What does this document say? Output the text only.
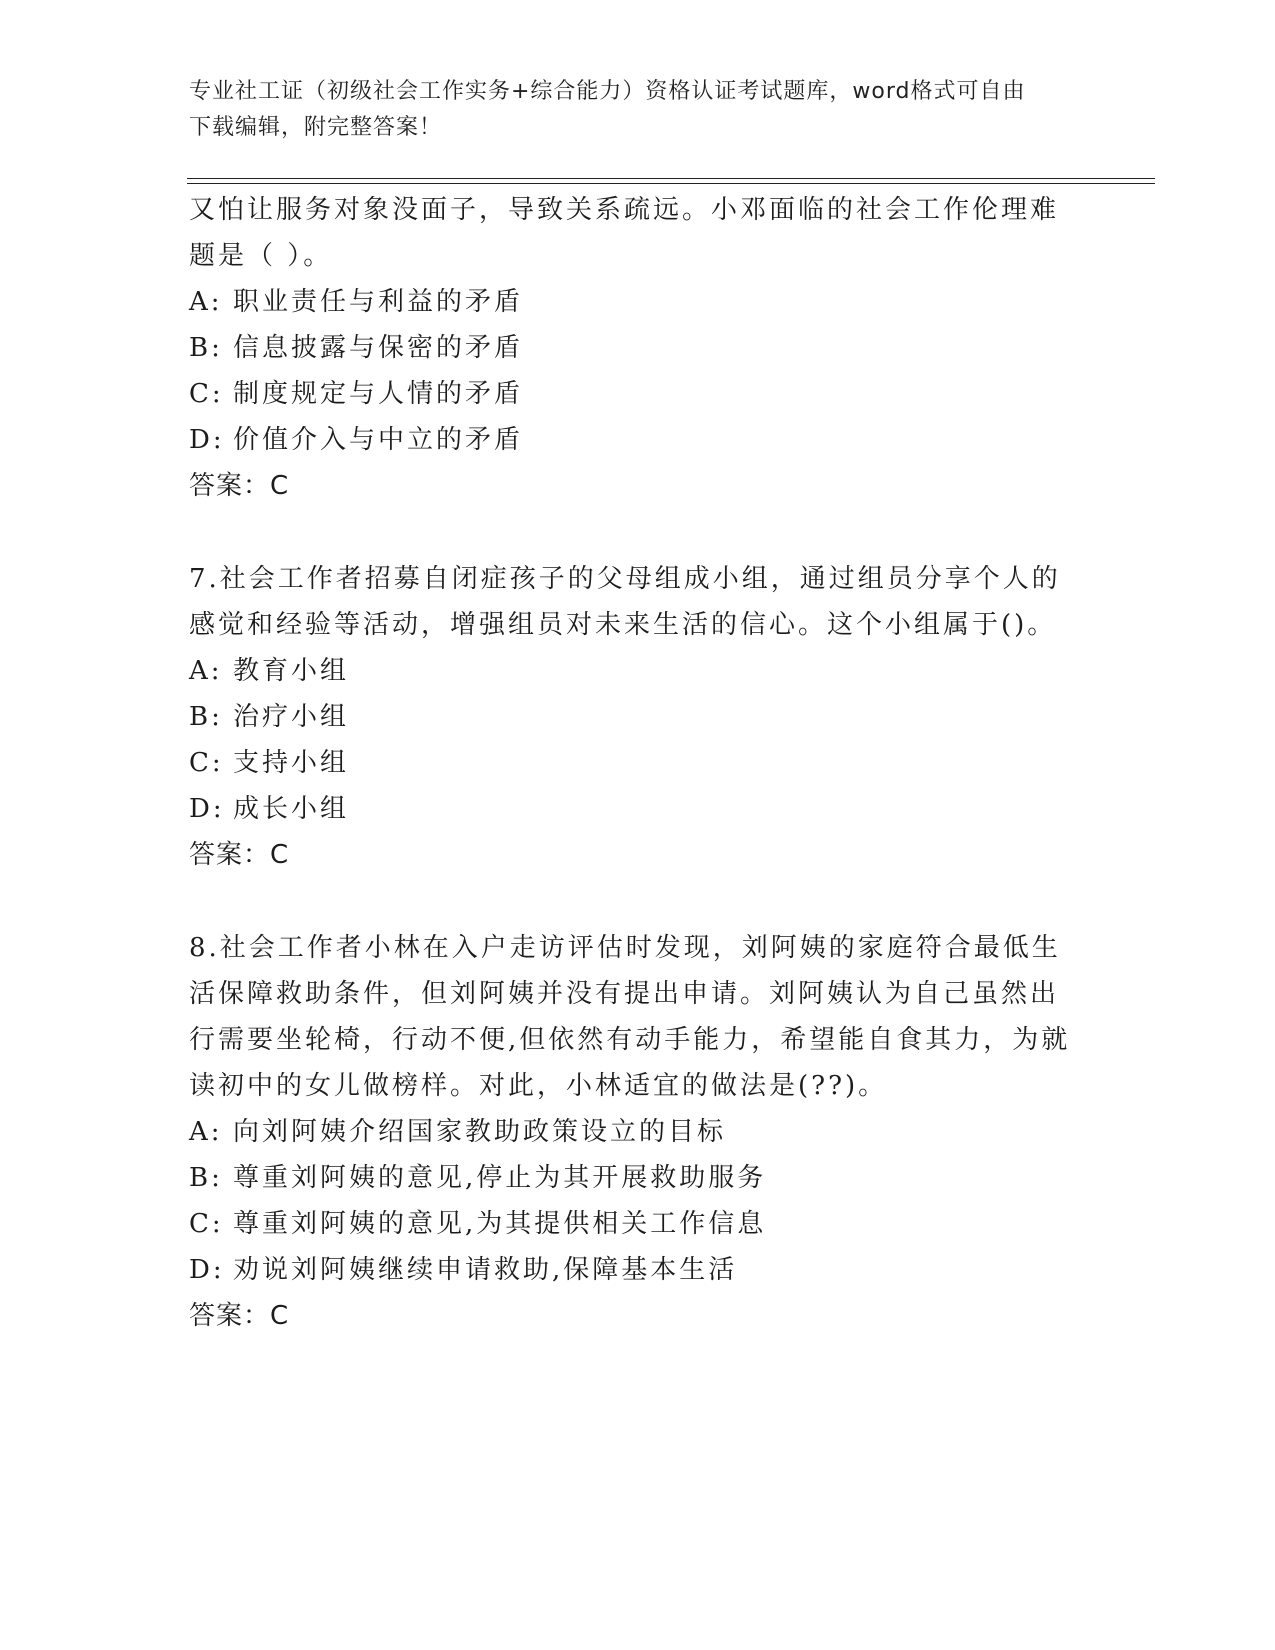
专业社工证（初级社会工作实务+综合能力）资格认证考试题库，word格式可自由
下载编辑，附完整答案！
又怕让服务对象没面子，导致关系疏远。小邓面临的社会工作伦理难
题是（ ）。
A: 职业责任与利益的矛盾
B: 信息披露与保密的矛盾
C: 制度规定与人情的矛盾
D: 价值介入与中立的矛盾
答案：C
7.社会工作者招募自闭症孩子的父母组成小组，通过组员分享个人的
感觉和经验等活动，增强组员对未来生活的信心。这个小组属于()。
A: 教育小组
B: 治疗小组
C: 支持小组
D: 成长小组
答案：C
8.社会工作者小林在入户走访评估时发现，刘阿姨的家庭符合最低生
活保障救助条件，但刘阿姨并没有提出申请。刘阿姨认为自己虽然出
行需要坐轮椅，行动不便,但依然有动手能力，希望能自食其力，为就
读初中的女儿做榜样。对此，小林适宜的做法是(??)。
A: 向刘阿姨介绍国家教助政策设立的目标
B: 尊重刘阿姨的意见,停止为其开展救助服务
C: 尊重刘阿姨的意见,为其提供相关工作信息
D: 劝说刘阿姨继续申请救助,保障基本生活
答案：C
